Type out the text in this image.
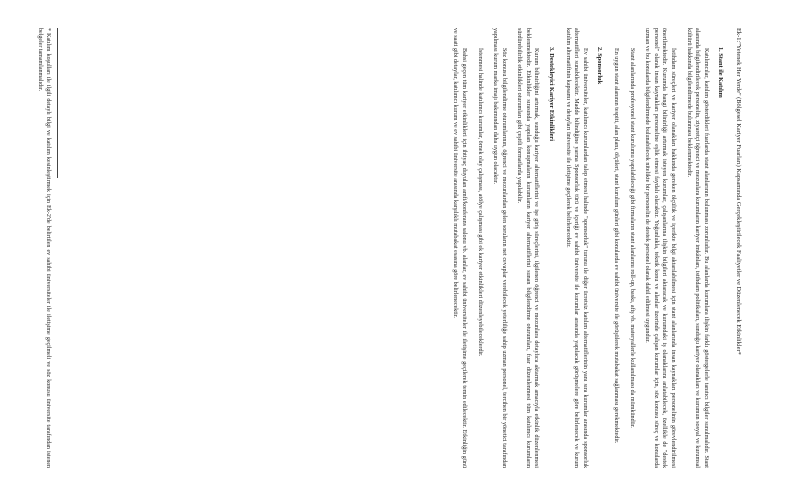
Ek-1:"Yetenek Her Yerde" (Bölgesel Kariyer Fuarları) Kapsamında Gerçekleştirilecek Faaliyetler ve Düzenlenecek Etkinlikler*

1. Stant ile Katılım

Katılımcılar, katılım gösterdikleri fuarlarda stant alanlarının bulunması zorunludur. Bu alanlarda kurumlara ilişkin farklı göstergelerle tanıtıcı bilgiler sunulmalıdır. Stant alanında bilgilendirilecek personelin, ziyaretçi öğrenci ve mezunlara kurumların kariyer imkânları, istihdam politikaları, sunduğu kariyer olanakları ve kurumun sosyal ve kurumsal kültürü hakkında bilgilendirmede bulunması beklenmektedir.

İstihdam süreçleri ve kariyer olanakları hakkında gereken ölçülük ve içerikte bilgi aktarılabilmesi için stant alanlarında insan kaynakları personelinin görevlendirilmesi önerilmektedir. Kurumda hangi bilinirliği artırmak isteyen kurumlar, çalışanlarına ilişkin bilgileri aktaracak ve kurumdaki iş olanaklarını anlatabilecek, özellikle de "destek personel" olarak insan kaynakları personeline eşlik etmesi faydalı olacaktır. Yoğunlukla, teknik konu ve alanlar üzerinde çalışan kurumlar için, söz konusu süreç ve konularda uzman ve bu konularda bilgilendirmede bulunabilecek nitelikte bir personelin de destek personel olarak dahil edilmesi uygundur.

Stant alanlarında profesyonel stant kurulumu yapılabileceği gibi firmaların stant alanlarını roll-up, baskı, afiş vb. materyallerle kullanılması da mümkündür.

En uygun stant alanının tespiti, alan planı, ölçüleri, stant kurulum günleri gibi konularda ev sahibi üniversite ile görüşülerek mutabakat sağlanması gerekmektedir.

2. Sponsorluk

Ev sahibi üniversiteler, katılımcı kurumlardan talep etmesi halinde "sponsorluk" turunu ile diğer ücretsiz katılım alternatiflerinin yanı sıra kurumlar arasında sponsorluk alternatifleri sunabilecektir. Madde bilindiğine yarına Sponsorluk türü ve içeriği ev sahibi üniversite ile kurumlar arasında yapılacak görüşmelere göre belirlenecek ve kurum katılım alternatifinin kapsamı ve detayları üniversite ile iletişime geçilerek belirlenecektir.

3. Destekleyici Kariyer Etkinlikleri

Kurum bilinirliğini artırmak, sunduğu kariyer alternatiflerini ve işe giriş süreçlerini, ilgilenen öğrenci ve mezunlara detaylıca aktarmak amacıyla etkinlik düzenlenmesi beklenmektedir. Etkinlikler sırasında yapılan konuşmaların kurumların kariyer alternatiflerini sunan bilgilendirme oturumları, fuar düzenlenmesi tüm katılımcı kurumların sürdürebilirlik etkinlikleri oturumları gibi çeşitli formatlarda yapılabilir.

Söz konusu bilgilendirme oturumlarının, öğrenci ve mezunlardan gelen soruların net cevaplar verebilecek yeterliliğe sahip uzman personel, tercihen bir yönetici tarafından yapılması kurum marka imajı bakımından daha uygun olacaktır.

İstenmesi halinde katılımcı kurumlar, örnek olay çalışması, atölye çalışması gibi ek kariyer etkinlikleri düzenleyebileceklerdir.

Bahsi geçen tüm kariyer etkinlikleri için ihtiyaç duyulan amfi/konferans salonu vb. alanlar, ev sahibi üniversiteler ile iletişime geçilerek temin edilecektir. Etkinliğin günü ve saati gibi detaylar, katılımcı kurum ve ev sahibi üniversite arasında karşılıklı mutabakat esasına göre belirlenecektir.

* Katılım koşulları ile ilgili detaylı bilgi ve katılım kesinleştirmek için Ek-2'de belirtilen ev sahibi üniversiteler ile iletişime geçilmeli ve söz konusu üniversite tarafından istenen belgeler tamamlanmalıdır.
